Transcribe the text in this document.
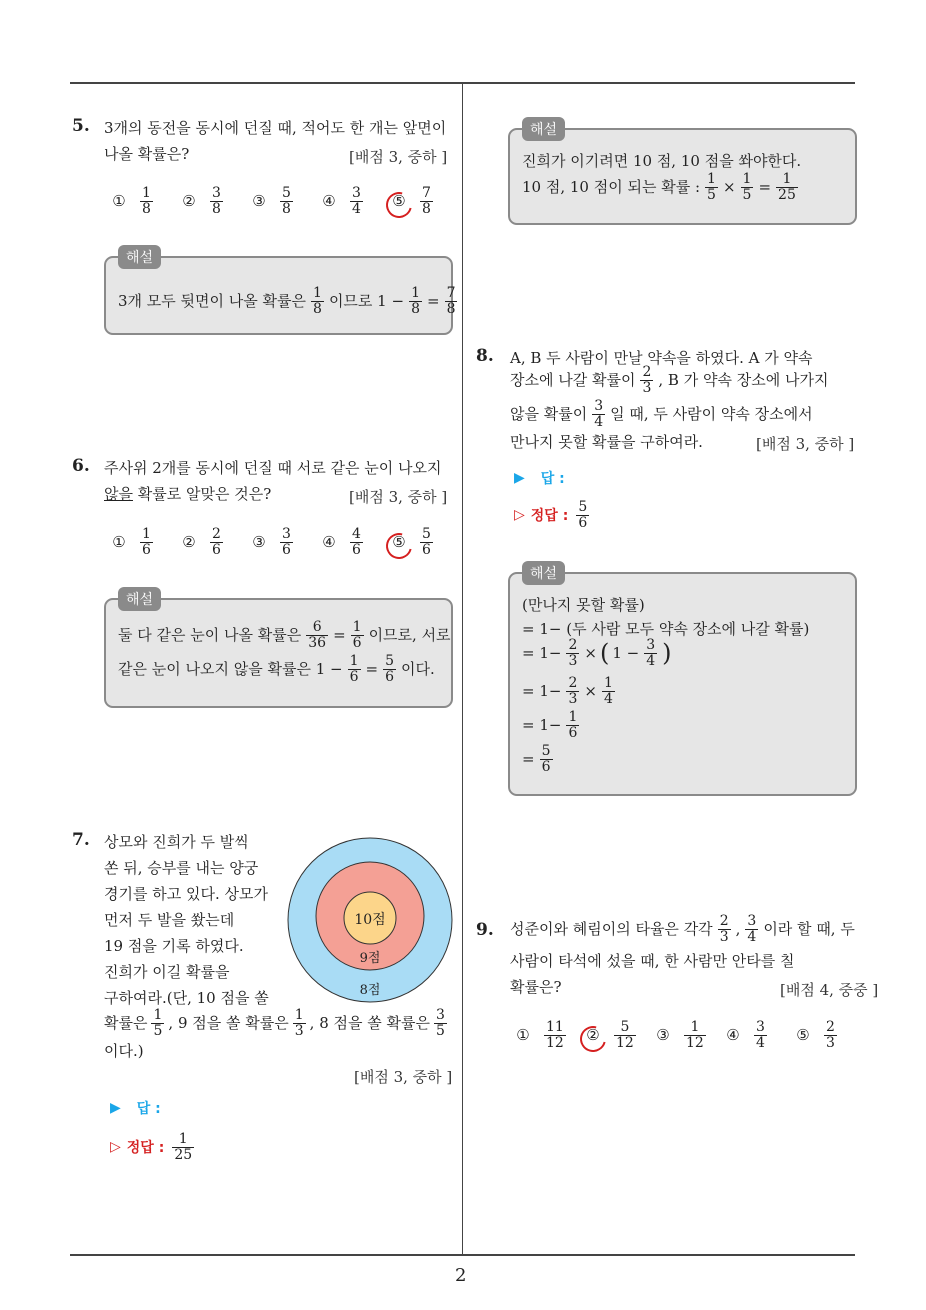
2
5. 3개의 동전을 동시에 던질 때, 적어도 한 개는 앞면이
나올 확률은?	[배점 3, 중하 ]
① $\frac{1}{8}$ ② $\frac{3}{8}$ ③ $\frac{5}{8}$ ④ $\frac{3}{4}$ ⑤ $\frac{7}{8}$
해설
3개 모두 뒷면이 나올 확률은 $\frac{1}{8}$ 이므로 $1 - \frac{1}{8} = \frac{7}{8}$
6. 주사위 2개를 동시에 던질 때 서로 같은 눈이 나오지
않을 확률로 알맞은 것은?	[배점 3, 중하 ]
① $\frac{1}{6}$ ② $\frac{2}{6}$ ③ $\frac{3}{6}$ ④ $\frac{4}{6}$ ⑤ $\frac{5}{6}$
해설
둘 다 같은 눈이 나올 확률은 $\frac{6}{36} = \frac{1}{6}$ 이므로, 서로
같은 눈이 나오지 않을 확률은 $1 - \frac{1}{6} = \frac{5}{6}$ 이다.
7. 상모와 진희가 두 발씩
쏜 뒤, 승부를 내는 양궁
경기를 하고 있다. 상모가
먼저 두 발을 쐈는데
19 점을 기록 하였다.
진희가 이길 확률을
구하여라.(단, 10 점을 쏠
확률은 $\frac{1}{5}$ , 9 점을 쏠 확률은 $\frac{1}{3}$ , 8 점을 쏠 확률은 $\frac{3}{5}$
이다.)
[배점 3, 중하 ]
10점
9점
8점
▶ 답 :
▷ 정답 : $\frac{1}{25}$
해설
진희가 이기려면 10 점, 10 점을 쏴야한다.
10 점, 10 점이 되는 확률 : $\frac{1}{5} \times \frac{1}{5} = \frac{1}{25}$
8. A, B 두 사람이 만날 약속을 하였다. A 가 약속
장소에 나갈 확률이 $\frac{2}{3}$ , B 가 약속 장소에 나가지
않을 확률이 $\frac{3}{4}$ 일 때, 두 사람이 약속 장소에서
만나지 못할 확률을 구하여라.	[배점 3, 중하 ]
▶ 답 :
▷ 정답 : $\frac{5}{6}$
해설
(만나지 못할 확률)
= 1− (두 사람 모두 약속 장소에 나갈 확률)
= $1- \frac{2}{3}$ × ( $1 - \frac{3}{4}$ )
= $1- \frac{2}{3} \times \frac{1}{4}$
= $1- \frac{1}{6}$
= $\frac{5}{6}$
9. 성준이와 혜림이의 타율은 각각 $\frac{2}{3}$ , $\frac{3}{4}$ 이라 할 때, 두
사람이 타석에 섰을 때, 한 사람만 안타를 칠
확률은?	[배점 4, 중중 ]
① $\frac{11}{12}$ ② $\frac{5}{12}$ ③ $\frac{1}{12}$ ④ $\frac{3}{4}$ ⑤ $\frac{2}{3}$
